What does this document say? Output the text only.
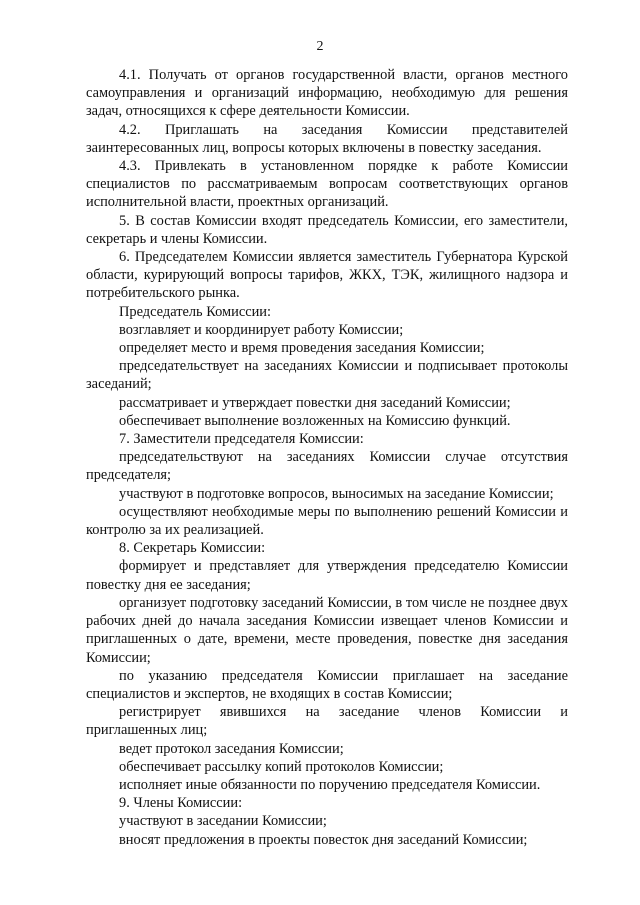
2

4.1. Получать от органов государственной власти, органов местного самоуправления и организаций информацию, необходимую для решения задач, относящихся к сфере деятельности Комиссии.

4.2. Приглашать на заседания Комиссии представителей заинтересованных лиц, вопросы которых включены в повестку заседания.

4.3. Привлекать в установленном порядке к работе Комиссии специалистов по рассматриваемым вопросам соответствующих органов исполнительной власти, проектных организаций.

5. В состав Комиссии входят председатель Комиссии, его заместители, секретарь и члены Комиссии.

6. Председателем Комиссии является заместитель Губернатора Курской области, курирующий вопросы тарифов, ЖКХ, ТЭК, жилищного надзора и потребительского рынка.

Председатель Комиссии:

возглавляет и координирует работу Комиссии;

определяет место и время проведения заседания Комиссии;

председательствует на заседаниях Комиссии и подписывает протоколы заседаний;

рассматривает и утверждает повестки дня заседаний Комиссии;

обеспечивает выполнение возложенных на Комиссию функций.

7. Заместители председателя Комиссии:

председательствуют на заседаниях Комиссии случае отсутствия председателя;

участвуют в подготовке вопросов, выносимых на заседание Комиссии;

осуществляют необходимые меры по выполнению решений Комиссии и контролю за их реализацией.

8. Секретарь Комиссии:

формирует и представляет для утверждения председателю Комиссии повестку дня ее заседания;

организует подготовку заседаний Комиссии, в том числе не позднее двух рабочих дней до начала заседания Комиссии извещает членов Комиссии и приглашенных о дате, времени, месте проведения, повестке дня заседания Комиссии;

по указанию председателя Комиссии приглашает на заседание специалистов и экспертов, не входящих в состав Комиссии;

регистрирует явившихся на заседание членов Комиссии и приглашенных лиц;

ведет протокол заседания Комиссии;

обеспечивает рассылку копий протоколов Комиссии;

исполняет иные обязанности по поручению председателя Комиссии.

9. Члены Комиссии:

участвуют в заседании Комиссии;

вносят предложения в проекты повесток дня заседаний Комиссии;
